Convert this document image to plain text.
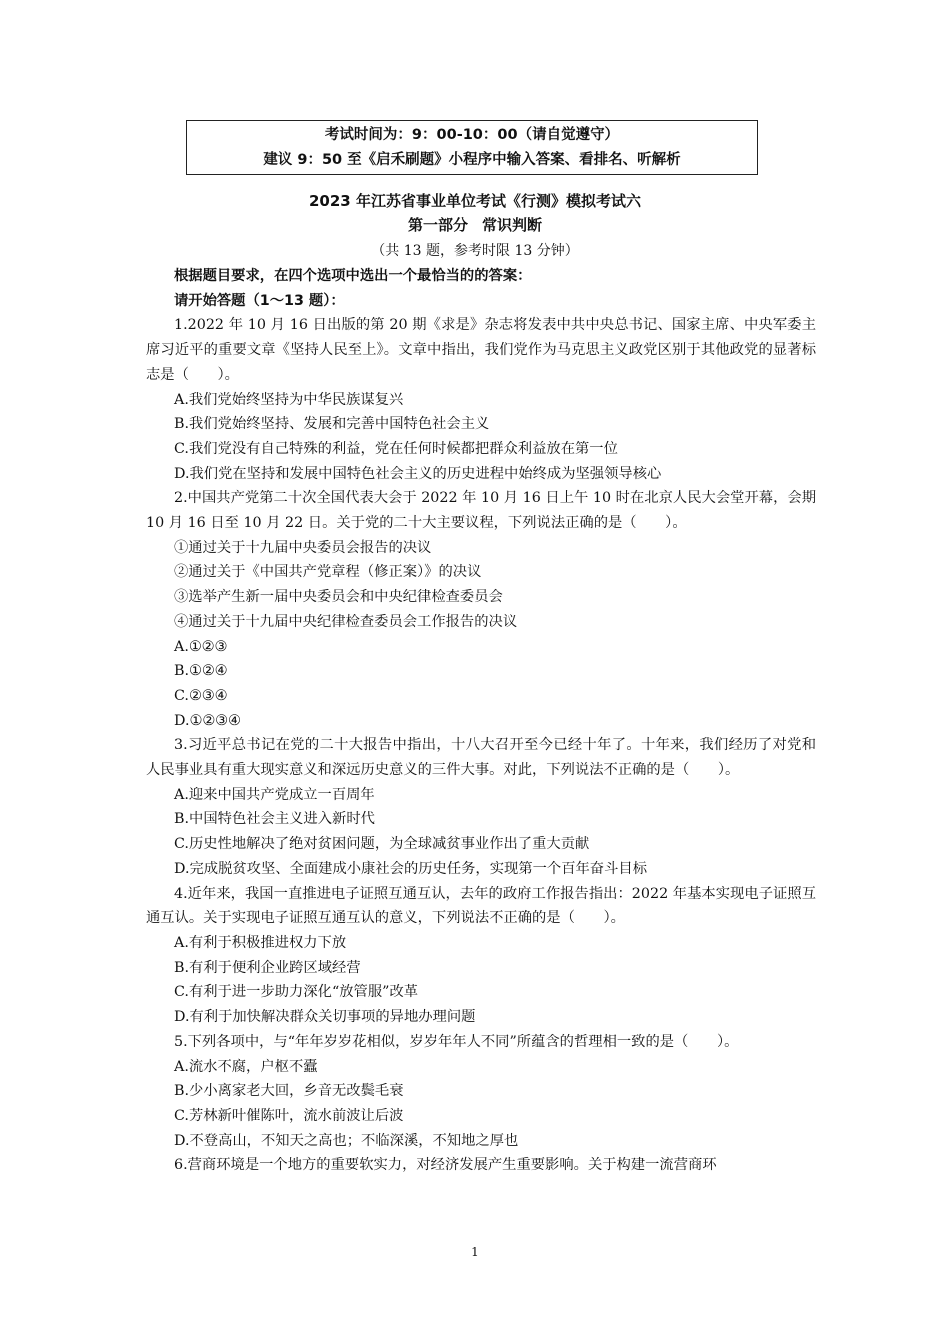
考试时间为：9：00-10：00（请自觉遵守）
建议 9：50 至《启禾刷题》小程序中输入答案、看排名、听解析
2023 年江苏省事业单位考试《行测》模拟考试六
第一部分 常识判断
（共 13 题，参考时限 13 分钟）

根据题目要求，在四个选项中选出一个最恰当的的答案：

请开始答题（1～13 题）：

1.2022 年 10 月 16 日出版的第 20 期《求是》杂志将发表中共中央总书记、国家主席、中央军委主席习近平的重要文章《坚持人民至上》。文章中指出，我们党作为马克思主义政党区别于其他政党的显著标志是（　　）。

A.我们党始终坚持为中华民族谋复兴

B.我们党始终坚持、发展和完善中国特色社会主义

C.我们党没有自己特殊的利益，党在任何时候都把群众利益放在第一位

D.我们党在坚持和发展中国特色社会主义的历史进程中始终成为坚强领导核心

2.中国共产党第二十次全国代表大会于 2022 年 10 月 16 日上午 10 时在北京人民大会堂开幕，会期 10 月 16 日至 10 月 22 日。关于党的二十大主要议程，下列说法正确的是（　　）。

①通过关于十九届中央委员会报告的决议

②通过关于《中国共产党章程（修正案）》的决议

③选举产生新一届中央委员会和中央纪律检查委员会

④通过关于十九届中央纪律检查委员会工作报告的决议

A.①②③

B.①②④

C.②③④

D.①②③④

3.习近平总书记在党的二十大报告中指出，十八大召开至今已经十年了。十年来，我们经历了对党和人民事业具有重大现实意义和深远历史意义的三件大事。对此，下列说法不正确的是（　　）。

A.迎来中国共产党成立一百周年

B.中国特色社会主义进入新时代

C.历史性地解决了绝对贫困问题，为全球减贫事业作出了重大贡献

D.完成脱贫攻坚、全面建成小康社会的历史任务，实现第一个百年奋斗目标

4.近年来，我国一直推进电子证照互通互认，去年的政府工作报告指出：2022 年基本实现电子证照互通互认。关于实现电子证照互通互认的意义，下列说法不正确的是（　　）。

A.有利于积极推进权力下放

B.有利于便利企业跨区域经营

C.有利于进一步助力深化“放管服”改革

D.有利于加快解决群众关切事项的异地办理问题

5.下列各项中，与“年年岁岁花相似，岁岁年年人不同”所蕴含的哲理相一致的是（　　）。

A.流水不腐，户枢不蠹

B.少小离家老大回，乡音无改鬓毛衰

C.芳林新叶催陈叶，流水前波让后波

D.不登高山，不知天之高也；不临深溪，不知地之厚也

6.营商环境是一个地方的重要软实力，对经济发展产生重要影响。关于构建一流营商环

1
